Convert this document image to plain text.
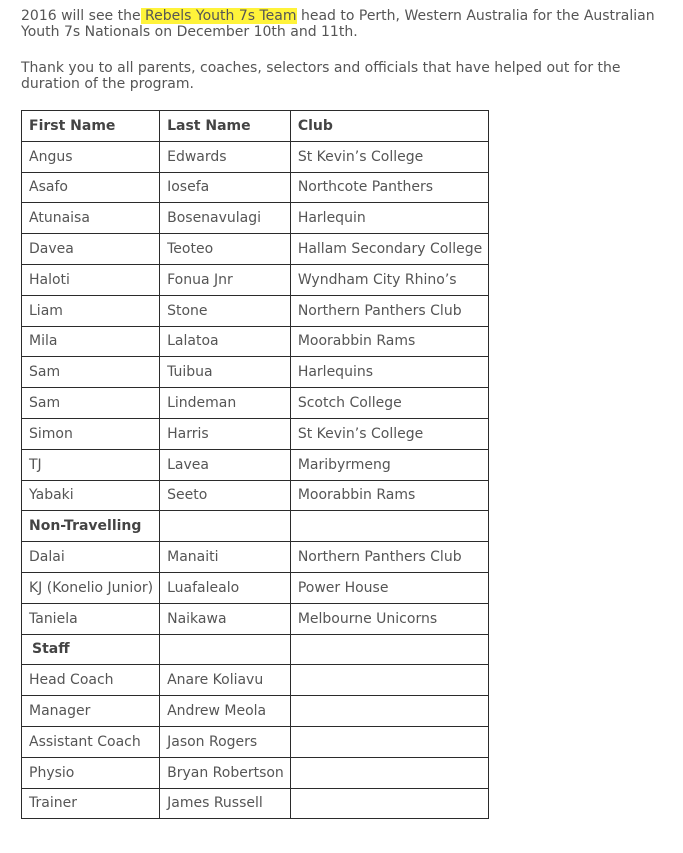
2016 will see the Rebels Youth 7s Team head to Perth, Western Australia for the Australian Youth 7s Nationals on December 10th and 11th.

Thank you to all parents, coaches, selectors and officials that have helped out for the duration of the program.

First Name	Last Name	Club
Angus	Edwards	St Kevin’s College
Asafo	Iosefa	Northcote Panthers
Atunaisa	Bosenavulagi	Harlequin
Davea	Teoteo	Hallam Secondary College
Haloti	Fonua Jnr	Wyndham City Rhino’s
Liam	Stone	Northern Panthers Club
Mila	Lalatoa	Moorabbin Rams
Sam	Tuibua	Harlequins
Sam	Lindeman	Scotch College
Simon	Harris	St Kevin’s College
TJ	Lavea	Maribyrmeng
Yabaki	Seeto	Moorabbin Rams
Non-Travelling		
Dalai	Manaiti	Northern Panthers Club
KJ (Konelio Junior)	Luafalealo	Power House
Taniela	Naikawa	Melbourne Unicorns
Staff		
Head Coach	Anare Koliavu	
Manager	Andrew Meola	
Assistant Coach	Jason Rogers	
Physio	Bryan Robertson	
Trainer	James Russell	
